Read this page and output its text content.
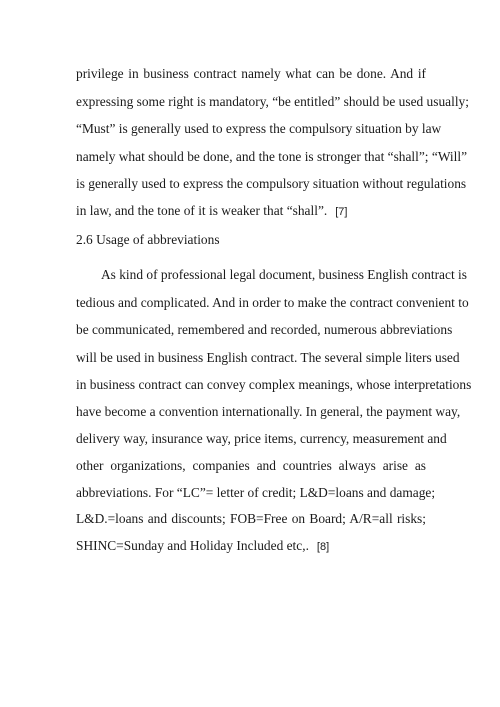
privilege in business contract namely what can be done. And if
expressing some right is mandatory, “be entitled” should be used usually;
“Must” is generally used to express the compulsory situation by law
namely what should be done, and the tone is stronger that “shall”; “Will”
is generally used to express the compulsory situation without regulations
in law, and the tone of it is weaker that “shall”. [7]
2.6 Usage of abbreviations
As kind of professional legal document, business English contract is
tedious and complicated. And in order to make the contract convenient to
be communicated, remembered and recorded, numerous abbreviations
will be used in business English contract. The several simple liters used
in business contract can convey complex meanings, whose interpretations
have become a convention internationally. In general, the payment way,
delivery way, insurance way, price items, currency, measurement and
other organizations, companies and countries always arise as
abbreviations. For “LC”= letter of credit; L&D=loans and damage;
L&D.=loans and discounts; FOB=Free on Board; A/R=all risks;
SHINC=Sunday and Holiday Included etc,. [8]
